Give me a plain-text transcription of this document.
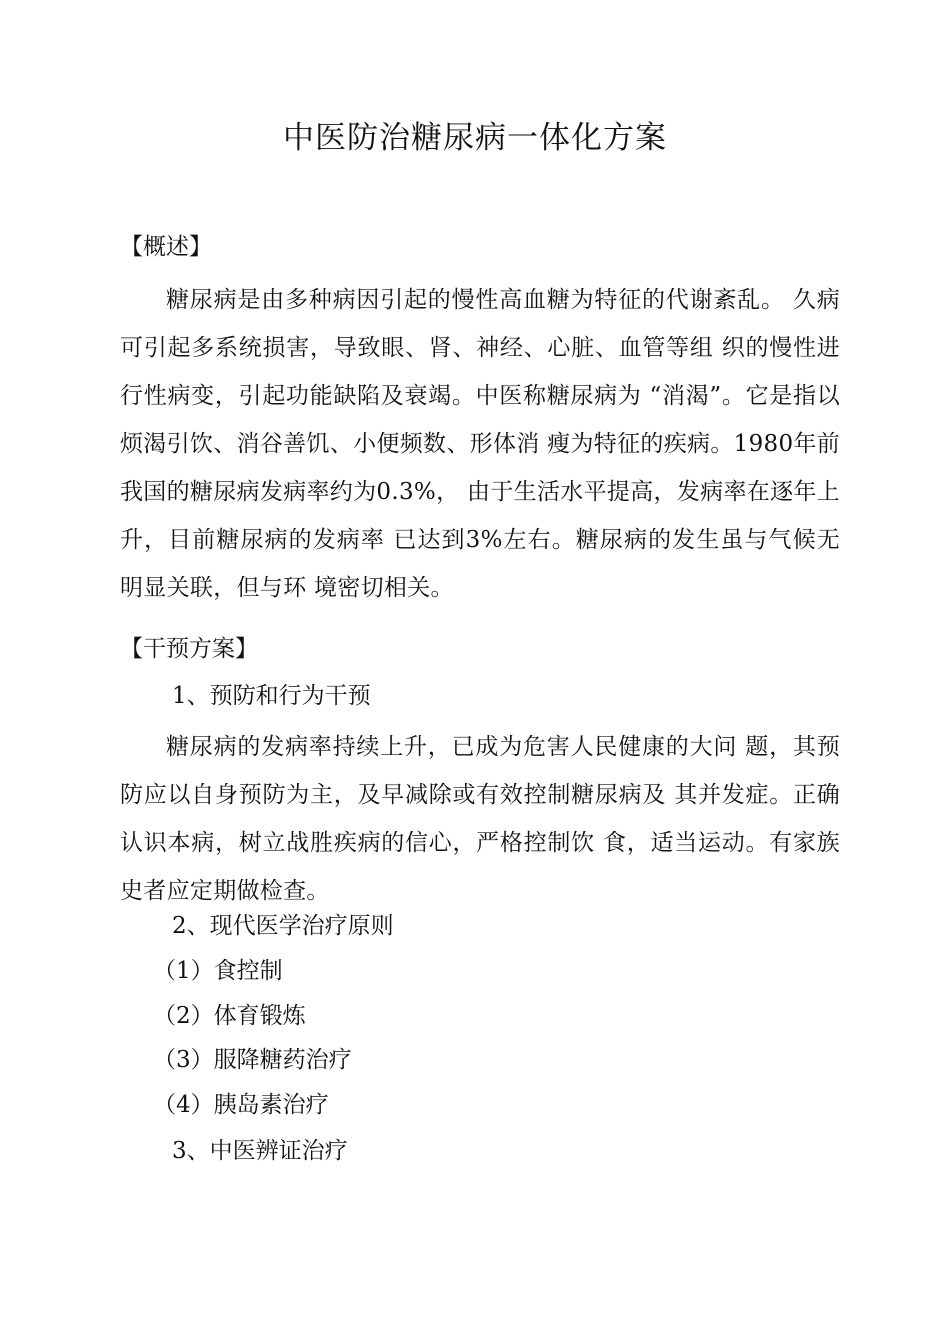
中医防治糖尿病一体化方案
【概述】
糖尿病是由多种病因引起的慢性高血糖为特征的代谢紊乱。 久病可引起多系统损害，导致眼、肾、神经、心脏、血管等组 织的慢性进行性病变，引起功能缺陷及衰竭。中医称糖尿病为 “消渴”。它是指以烦渴引饮、消谷善饥、小便频数、形体消 瘦为特征的疾病。1980年前我国的糖尿病发病率约为0.3%， 由于生活水平提高，发病率在逐年上升，目前糖尿病的发病率 已达到3%左右。糖尿病的发生虽与气候无明显关联，但与环 境密切相关。
【干预方案】
1、预防和行为干预
糖尿病的发病率持续上升，已成为危害人民健康的大问 题，其预防应以自身预防为主，及早减除或有效控制糖尿病及 其并发症。正确认识本病，树立战胜疾病的信心，严格控制饮 食，适当运动。有家族史者应定期做检查。
2、现代医学治疗原则
（1）食控制
（2）体育锻炼
（3）服降糖药治疗
（4）胰岛素治疗
3、中医辨证治疗
